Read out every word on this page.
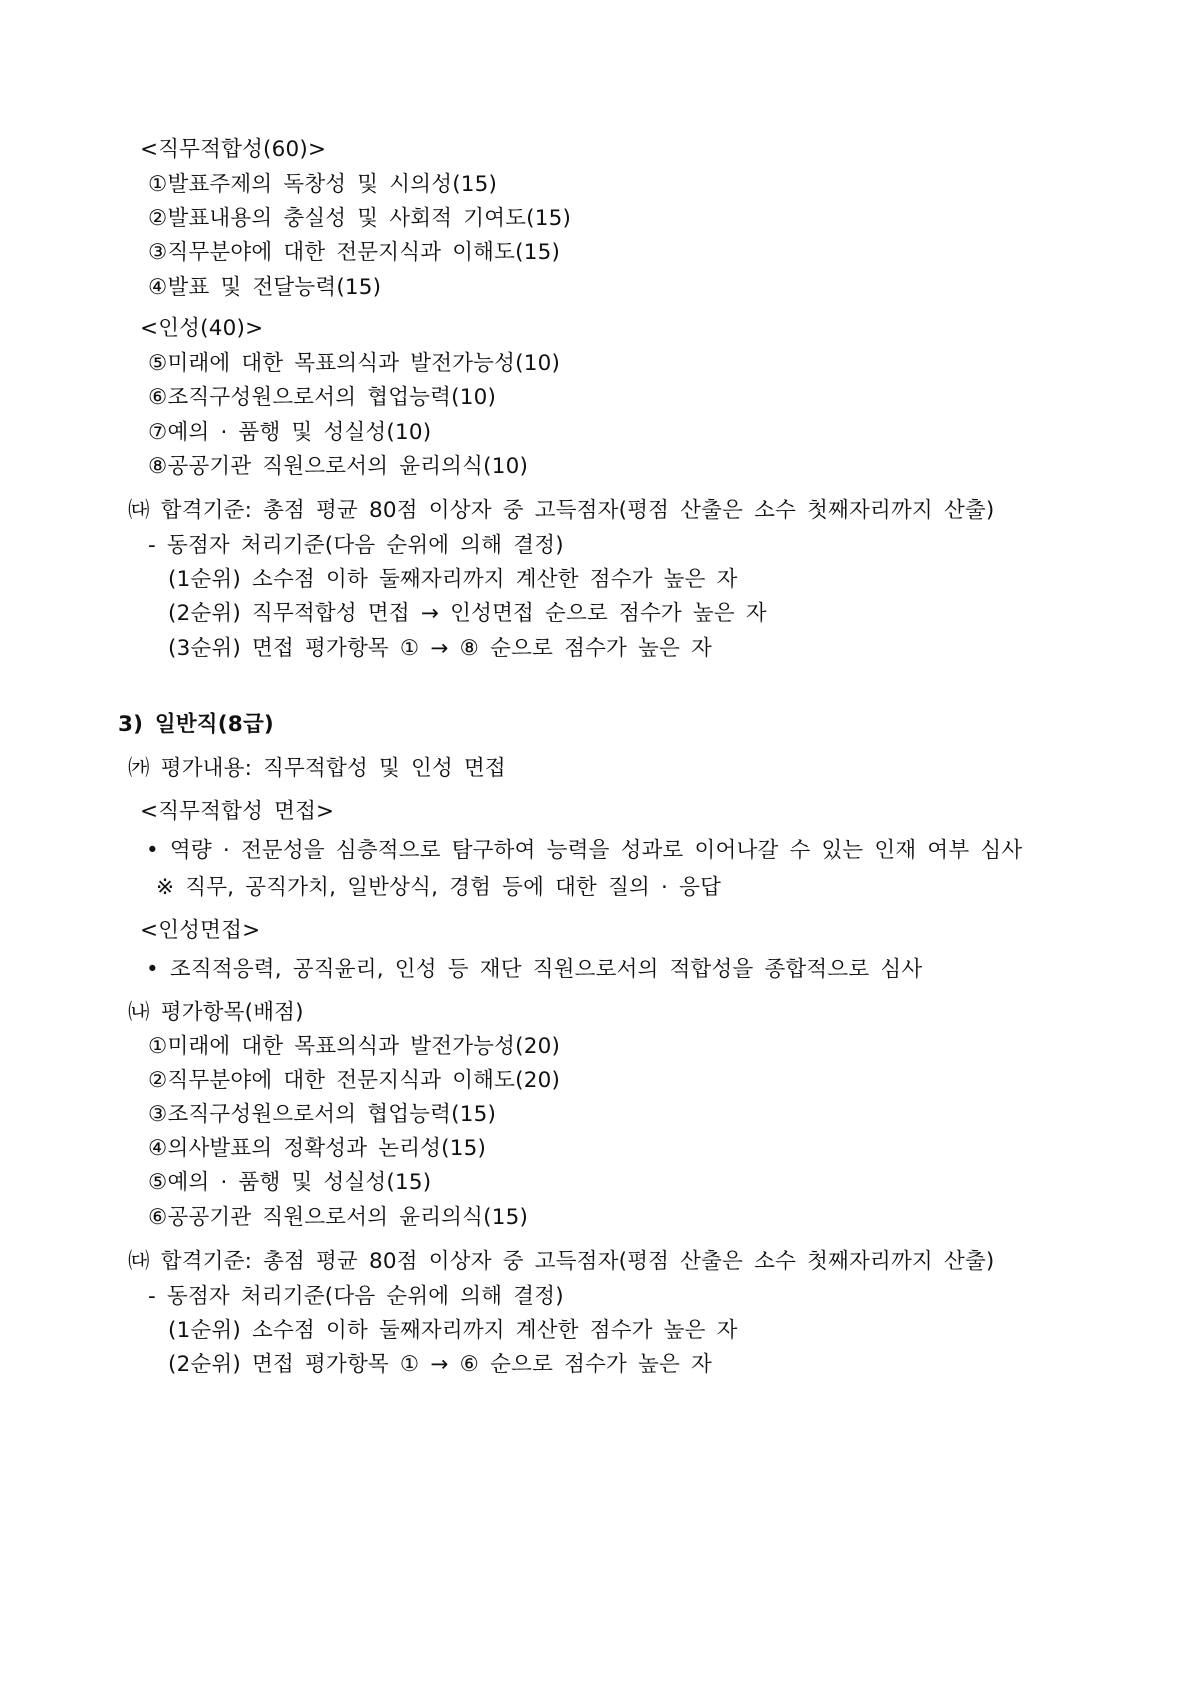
<직무적합성(60)>
①발표주제의 독창성 및 시의성(15)
②발표내용의 충실성 및 사회적 기여도(15)
③직무분야에 대한 전문지식과 이해도(15)
④발표 및 전달능력(15)
<인성(40)>
⑤미래에 대한 목표의식과 발전가능성(10)
⑥조직구성원으로서의 협업능력(10)
⑦예의 · 품행 및 성실성(10)
⑧공공기관 직원으로서의 윤리의식(10)
㈐ 합격기준: 총점 평균 80점 이상자 중 고득점자(평점 산출은 소수 첫째자리까지 산출)
- 동점자 처리기준(다음 순위에 의해 결정)
(1순위) 소수점 이하 둘째자리까지 계산한 점수가 높은 자
(2순위) 직무적합성 면접 → 인성면접 순으로 점수가 높은 자
(3순위) 면접 평가항목 ① → ⑧ 순으로 점수가 높은 자
3) 일반직(8급)
㈎ 평가내용: 직무적합성 및 인성 면접
<직무적합성 면접>
• 역량 · 전문성을 심층적으로 탐구하여 능력을 성과로 이어나갈 수 있는 인재 여부 심사
※ 직무, 공직가치, 일반상식, 경험 등에 대한 질의 · 응답
<인성면접>
• 조직적응력, 공직윤리, 인성 등 재단 직원으로서의 적합성을 종합적으로 심사
㈏ 평가항목(배점)
①미래에 대한 목표의식과 발전가능성(20)
②직무분야에 대한 전문지식과 이해도(20)
③조직구성원으로서의 협업능력(15)
④의사발표의 정확성과 논리성(15)
⑤예의 · 품행 및 성실성(15)
⑥공공기관 직원으로서의 윤리의식(15)
㈐ 합격기준: 총점 평균 80점 이상자 중 고득점자(평점 산출은 소수 첫째자리까지 산출)
- 동점자 처리기준(다음 순위에 의해 결정)
(1순위) 소수점 이하 둘째자리까지 계산한 점수가 높은 자
(2순위) 면접 평가항목 ① → ⑥ 순으로 점수가 높은 자
